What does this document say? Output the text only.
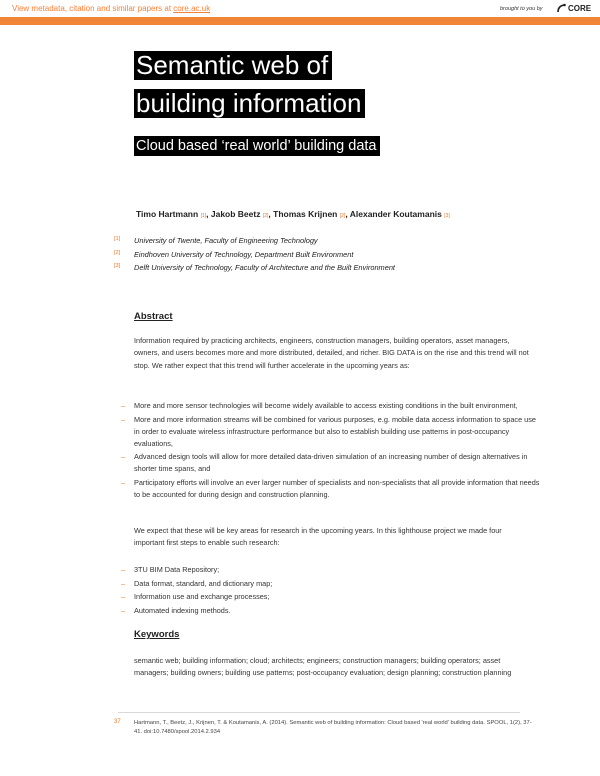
View metadata, citation and similar papers at core.ac.uk	brought to you by	CORE
provided by TU Delft Open Access Journals
Semantic web of
building information
Cloud based ‘real world’ building data
Timo Hartmann [1], Jakob Beetz [2], Thomas Krijnen [2], Alexander Koutamanis [3]
[1] University of Twente, Faculty of Engineering Technology
[2] Eindhoven University of Technology, Department Built Environment
[3] Delft University of Technology, Faculty of Architecture and the Built Environment
Abstract
Information required by practicing architects, engineers, construction managers, building operators, asset managers, owners, and users becomes more and more distributed, detailed, and richer. BIG DATA is on the rise and this trend will not stop. We rather expect that this trend will further accelerate in the upcoming years as:
– More and more sensor technologies will become widely available to access existing conditions in the built environment,
– More and more information streams will be combined for various purposes, e.g. mobile data access information to space use in order to evaluate wireless infrastructure performance but also to establish building use patterns in post-occupancy evaluations,
– Advanced design tools will allow for more detailed data-driven simulation of an increasing number of design alternatives in shorter time spans, and
– Participatory efforts will involve an ever larger number of specialists and non-specialists that all provide information that needs to be accounted for during design and construction planning.
We expect that these will be key areas for research in the upcoming years. In this lighthouse project we made four important first steps to enable such research:
– 3TU BIM Data Repository;
– Data format, standard, and dictionary map;
– Information use and exchange processes;
– Automated indexing methods.
Keywords
semantic web; building information; cloud; architects; engineers; construction managers; building operators; asset managers; building owners; building use patterns; post-occupancy evaluation; design planning; construction planning
37 Hartmann, T., Beetz, J., Krijnen, T. & Koutamanis, A. (2014). Semantic web of building information: Cloud based 'real world' building data. SPOOL, 1(2), 37-41. doi:10.7480/spool.2014.2.934
